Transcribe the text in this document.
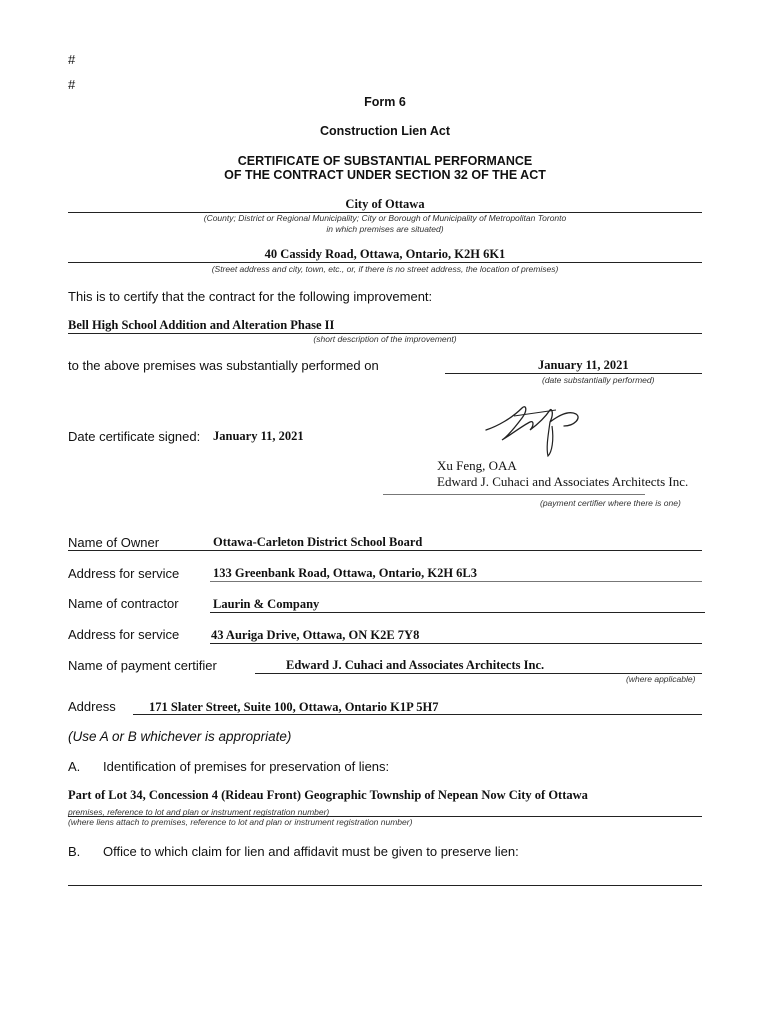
#
#
Form 6
Construction Lien Act
CERTIFICATE OF SUBSTANTIAL PERFORMANCE
OF THE CONTRACT UNDER SECTION 32 OF THE ACT
City of Ottawa
(County; District or Regional Municipality; City or Borough of Municipality of Metropolitan Toronto
in which premises are situated)
40 Cassidy Road, Ottawa, Ontario, K2H 6K1
(Street address and city, town, etc., or, if there is no street address, the location of premises)
This is to certify that the contract for the following improvement:
Bell High School Addition and Alteration Phase II
(short description of the improvement)
to the above premises was substantially performed on	January 11, 2021
(date substantially performed)
Date certificate signed: January 11, 2021
Xu Feng, OAA
Edward J. Cuhaci and Associates Architects Inc.
(payment certifier where there is one)
Name of Owner	Ottawa-Carleton District School Board
Address for service	133 Greenbank Road, Ottawa, Ontario, K2H 6L3
Name of contractor	Laurin & Company
Address for service	43 Auriga Drive, Ottawa, ON K2E 7Y8
Name of payment certifier	Edward J. Cuhaci and Associates Architects Inc.
(where applicable)
Address	171 Slater Street, Suite 100, Ottawa, Ontario K1P 5H7
(Use A or B whichever is appropriate)
A. Identification of premises for preservation of liens:
Part of Lot 34, Concession 4 (Rideau Front) Geographic Township of Nepean Now City of Ottawa
premises, reference to lot and plan or instrument registration number)
(where liens attach to premises, reference to lot and plan or instrument registration number)
B. Office to which claim for lien and affidavit must be given to preserve lien:
